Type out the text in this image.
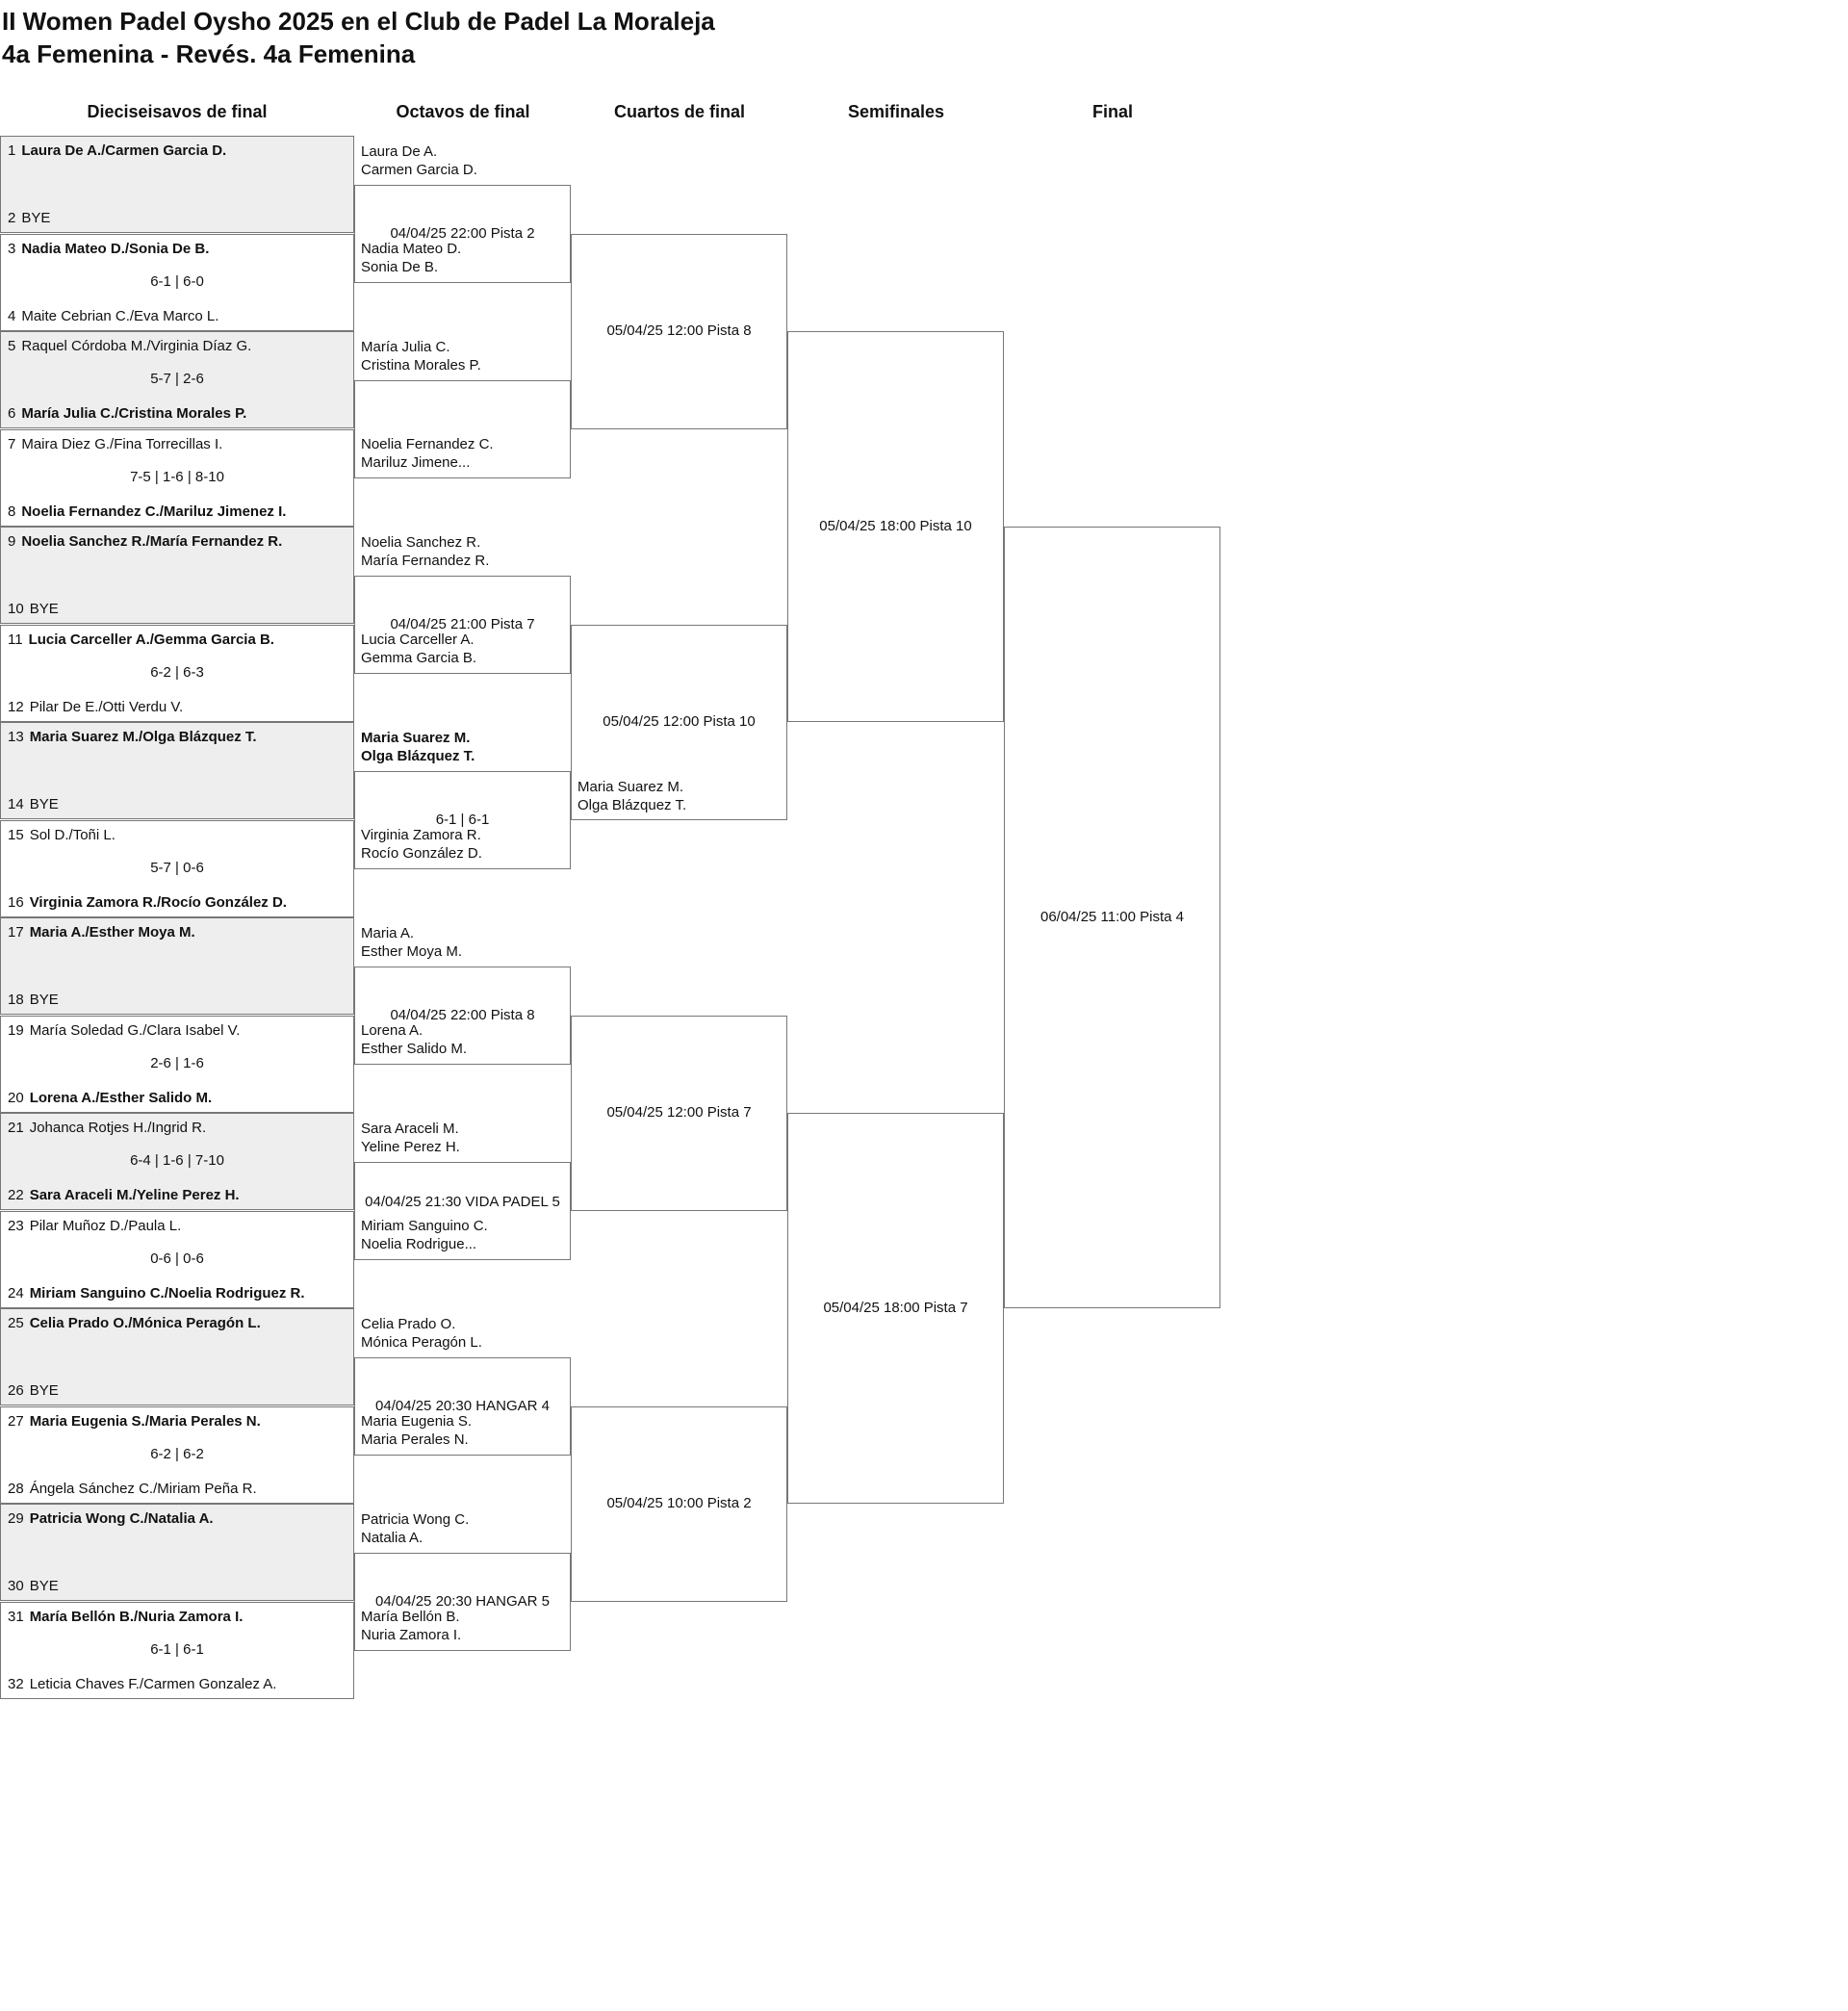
II Women Padel Oysho 2025 en el Club de Padel La Moraleja
4a Femenina - Revés. 4a Femenina
Dieciseisavos de final	Octavos de final	Cuartos de final	Semifinales	Final
1 Laura De A./Carmen Garcia D.
2 BYE
3 Nadia Mateo D./Sonia De B.
6-1 | 6-0
4 Maite Cebrian C./Eva Marco L.
5 Raquel Córdoba M./Virginia Díaz G.
5-7 | 2-6
6 María Julia C./Cristina Morales P.
7 Maira Diez G./Fina Torrecillas I.
7-5 | 1-6 | 8-10
8 Noelia Fernandez C./Mariluz Jimenez I.
9 Noelia Sanchez R./María Fernandez R.
10 BYE
11 Lucia Carceller A./Gemma Garcia B.
6-2 | 6-3
12 Pilar De E./Otti Verdu V.
13 Maria Suarez M./Olga Blázquez T.
14 BYE
15 Sol D./Toñi L.
5-7 | 0-6
16 Virginia Zamora R./Rocío González D.
17 Maria A./Esther Moya M.
18 BYE
19 María Soledad G./Clara Isabel V.
2-6 | 1-6
20 Lorena A./Esther Salido M.
21 Johanca Rotjes H./Ingrid R.
6-4 | 1-6 | 7-10
22 Sara Araceli M./Yeline Perez H.
23 Pilar Muñoz D./Paula L.
0-6 | 0-6
24 Miriam Sanguino C./Noelia Rodriguez R.
25 Celia Prado O./Mónica Peragón L.
26 BYE
27 Maria Eugenia S./Maria Perales N.
6-2 | 6-2
28 Ángela Sánchez C./Miriam Peña R.
29 Patricia Wong C./Natalia A.
30 BYE
31 María Bellón B./Nuria Zamora I.
6-1 | 6-1
32 Leticia Chaves F./Carmen Gonzalez A.
04/04/25 22:00 Pista 2
Laura De A.
Carmen Garcia D.
Nadia Mateo D.
Sonia De B.
María Julia C.
Cristina Morales P.
Noelia Fernandez C.
Mariluz Jimene...
04/04/25 21:00 Pista 7
Noelia Sanchez R.
María Fernandez R.
Lucia Carceller A.
Gemma Garcia B.
6-1 | 6-1
Maria Suarez M.
Olga Blázquez T.
Virginia Zamora R.
Rocío González D.
04/04/25 22:00 Pista 8
Maria A.
Esther Moya M.
Lorena A.
Esther Salido M.
04/04/25 21:30 VIDA PADEL 5
Sara Araceli M.
Yeline Perez H.
Miriam Sanguino C.
Noelia Rodrigue...
04/04/25 20:30 HANGAR 4
Celia Prado O.
Mónica Peragón L.
Maria Eugenia S.
Maria Perales N.
04/04/25 20:30 HANGAR 5
Patricia Wong C.
Natalia A.
María Bellón B.
Nuria Zamora I.
05/04/25 12:00 Pista 8
05/04/25 12:00 Pista 10
Maria Suarez M.
Olga Blázquez T.
05/04/25 12:00 Pista 7
05/04/25 10:00 Pista 2
05/04/25 18:00 Pista 10
05/04/25 18:00 Pista 7
06/04/25 11:00 Pista 4
